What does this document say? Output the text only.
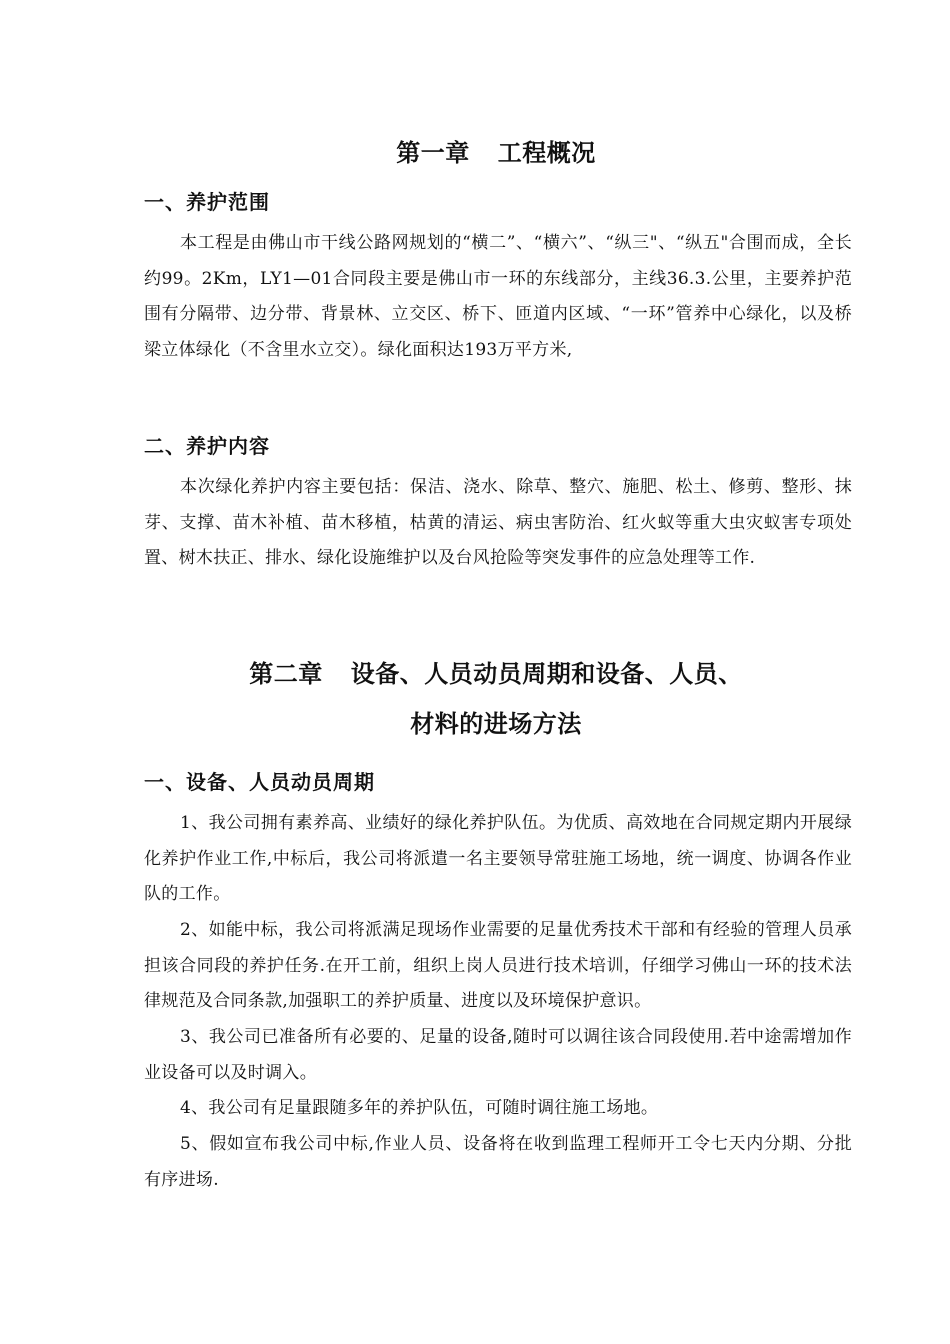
第一章 工程概况
一、养护范围

本工程是由佛山市干线公路网规划的“横二”、“横六”、“纵三"、“纵五"合围而成，全长约99。2Km，LY1—01合同段主要是佛山市一环的东线部分，主线36.3.公里，主要养护范围有分隔带、边分带、背景林、立交区、桥下、匝道内区域、“一环”管养中心绿化，以及桥梁立体绿化（不含里水立交）。绿化面积达193万平方米,

二、养护内容

本次绿化养护内容主要包括：保洁、浇水、除草、整穴、施肥、松土、修剪、整形、抹芽、支撑、苗木补植、苗木移植，枯黄的清运、病虫害防治、红火蚁等重大虫灾蚁害专项处置、树木扶正、排水、绿化设施维护以及台风抢险等突发事件的应急处理等工作.

第二章 设备、人员动员周期和设备、人员、
材料的进场方法
一、设备、人员动员周期

1、我公司拥有素养高、业绩好的绿化养护队伍。为优质、高效地在合同规定期内开展绿化养护作业工作,中标后，我公司将派遣一名主要领导常驻施工场地，统一调度、协调各作业队的工作。

2、如能中标，我公司将派满足现场作业需要的足量优秀技术干部和有经验的管理人员承担该合同段的养护任务.在开工前，组织上岗人员进行技术培训，仔细学习佛山一环的技术法律规范及合同条款,加强职工的养护质量、进度以及环境保护意识。

3、我公司已准备所有必要的、足量的设备,随时可以调往该合同段使用.若中途需增加作业设备可以及时调入。

4、我公司有足量跟随多年的养护队伍，可随时调往施工场地。

5、假如宣布我公司中标,作业人员、设备将在收到监理工程师开工令七天内分期、分批有序进场.
